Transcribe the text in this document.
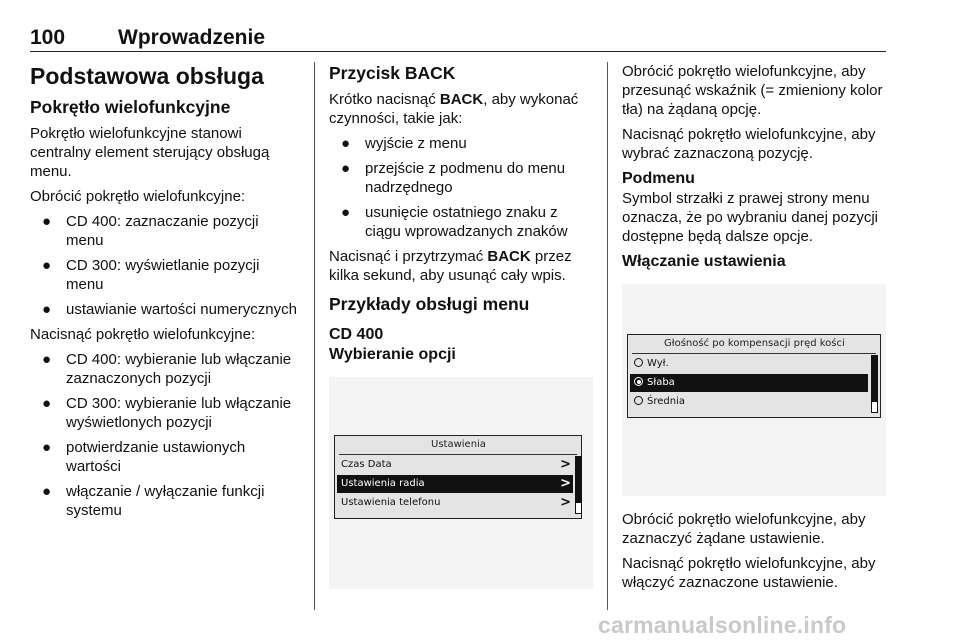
100	Wprowadzenie
Podstawowa obsługa
Pokrętło wielofunkcyjne

Pokrętło wielofunkcyjne stanowi centralny element sterujący obsługą menu.

Obrócić pokrętło wielofunkcyjne:

● CD 400: zaznaczanie pozycji menu
● CD 300: wyświetlanie pozycji menu
● ustawianie wartości numerycznych

Nacisnąć pokrętło wielofunkcyjne:

● CD 400: wybieranie lub włączanie zaznaczonych pozycji
● CD 300: wybieranie lub włączanie wyświetlonych pozycji
● potwierdzanie ustawionych wartości
● włączanie / wyłączanie funkcji systemu
Przycisk BACK

Krótko nacisnąć BACK, aby wykonać czynności, takie jak:

● wyjście z menu
● przejście z podmenu do menu nadrzędnego
● usunięcie ostatniego znaku z ciągu wprowadzanych znaków

Nacisnąć i przytrzymać BACK przez kilka sekund, aby usunąć cały wpis.

Przykłady obsługi menu
CD 400
Wybieranie opcji
Ustawienia
Czas Data	>
Ustawienia radia	>
Ustawienia telefonu	>

Obrócić pokrętło wielofunkcyjne, aby przesunąć wskaźnik (= zmieniony kolor tła) na żądaną opcję.

Nacisnąć pokrętło wielofunkcyjne, aby wybrać zaznaczoną pozycję.

Podmenu

Symbol strzałki z prawej strony menu oznacza, że po wybraniu danej pozycji dostępne będą dalsze opcje.

Włączanie ustawienia
Głośność po kompensacji pręd kości
Wył.
Słaba
Średnia

Obrócić pokrętło wielofunkcyjne, aby zaznaczyć żądane ustawienie.

Nacisnąć pokrętło wielofunkcyjne, aby włączyć zaznaczone ustawienie.

carmanualsonline.info
